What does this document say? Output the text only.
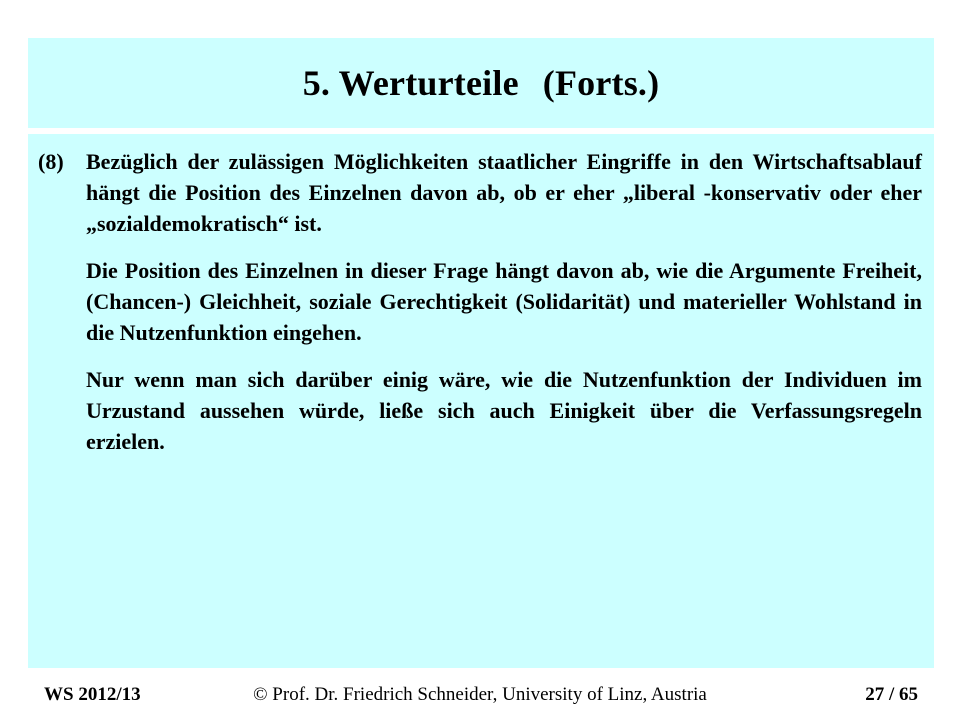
5. Werturteile (Forts.)
(8) Bezüglich der zulässigen Möglichkeiten staatlicher Eingriffe in den Wirtschaftsablauf hängt die Position des Einzelnen davon ab, ob er eher „liberal -konservativ oder eher „sozialdemokratisch“ ist.

Die Position des Einzelnen in dieser Frage hängt davon ab, wie die Argumente Freiheit, (Chancen-) Gleichheit, soziale Gerechtigkeit (Solidarität) und materieller Wohlstand in die Nutzenfunktion eingehen.

Nur wenn man sich darüber einig wäre, wie die Nutzenfunktion der Individuen im Urzustand aussehen würde, ließe sich auch Einigkeit über die Verfassungsregeln erzielen.

© Prof. Dr. Friedrich Schneider, University of Linz, Austria
WS 2012/13	27 / 65
